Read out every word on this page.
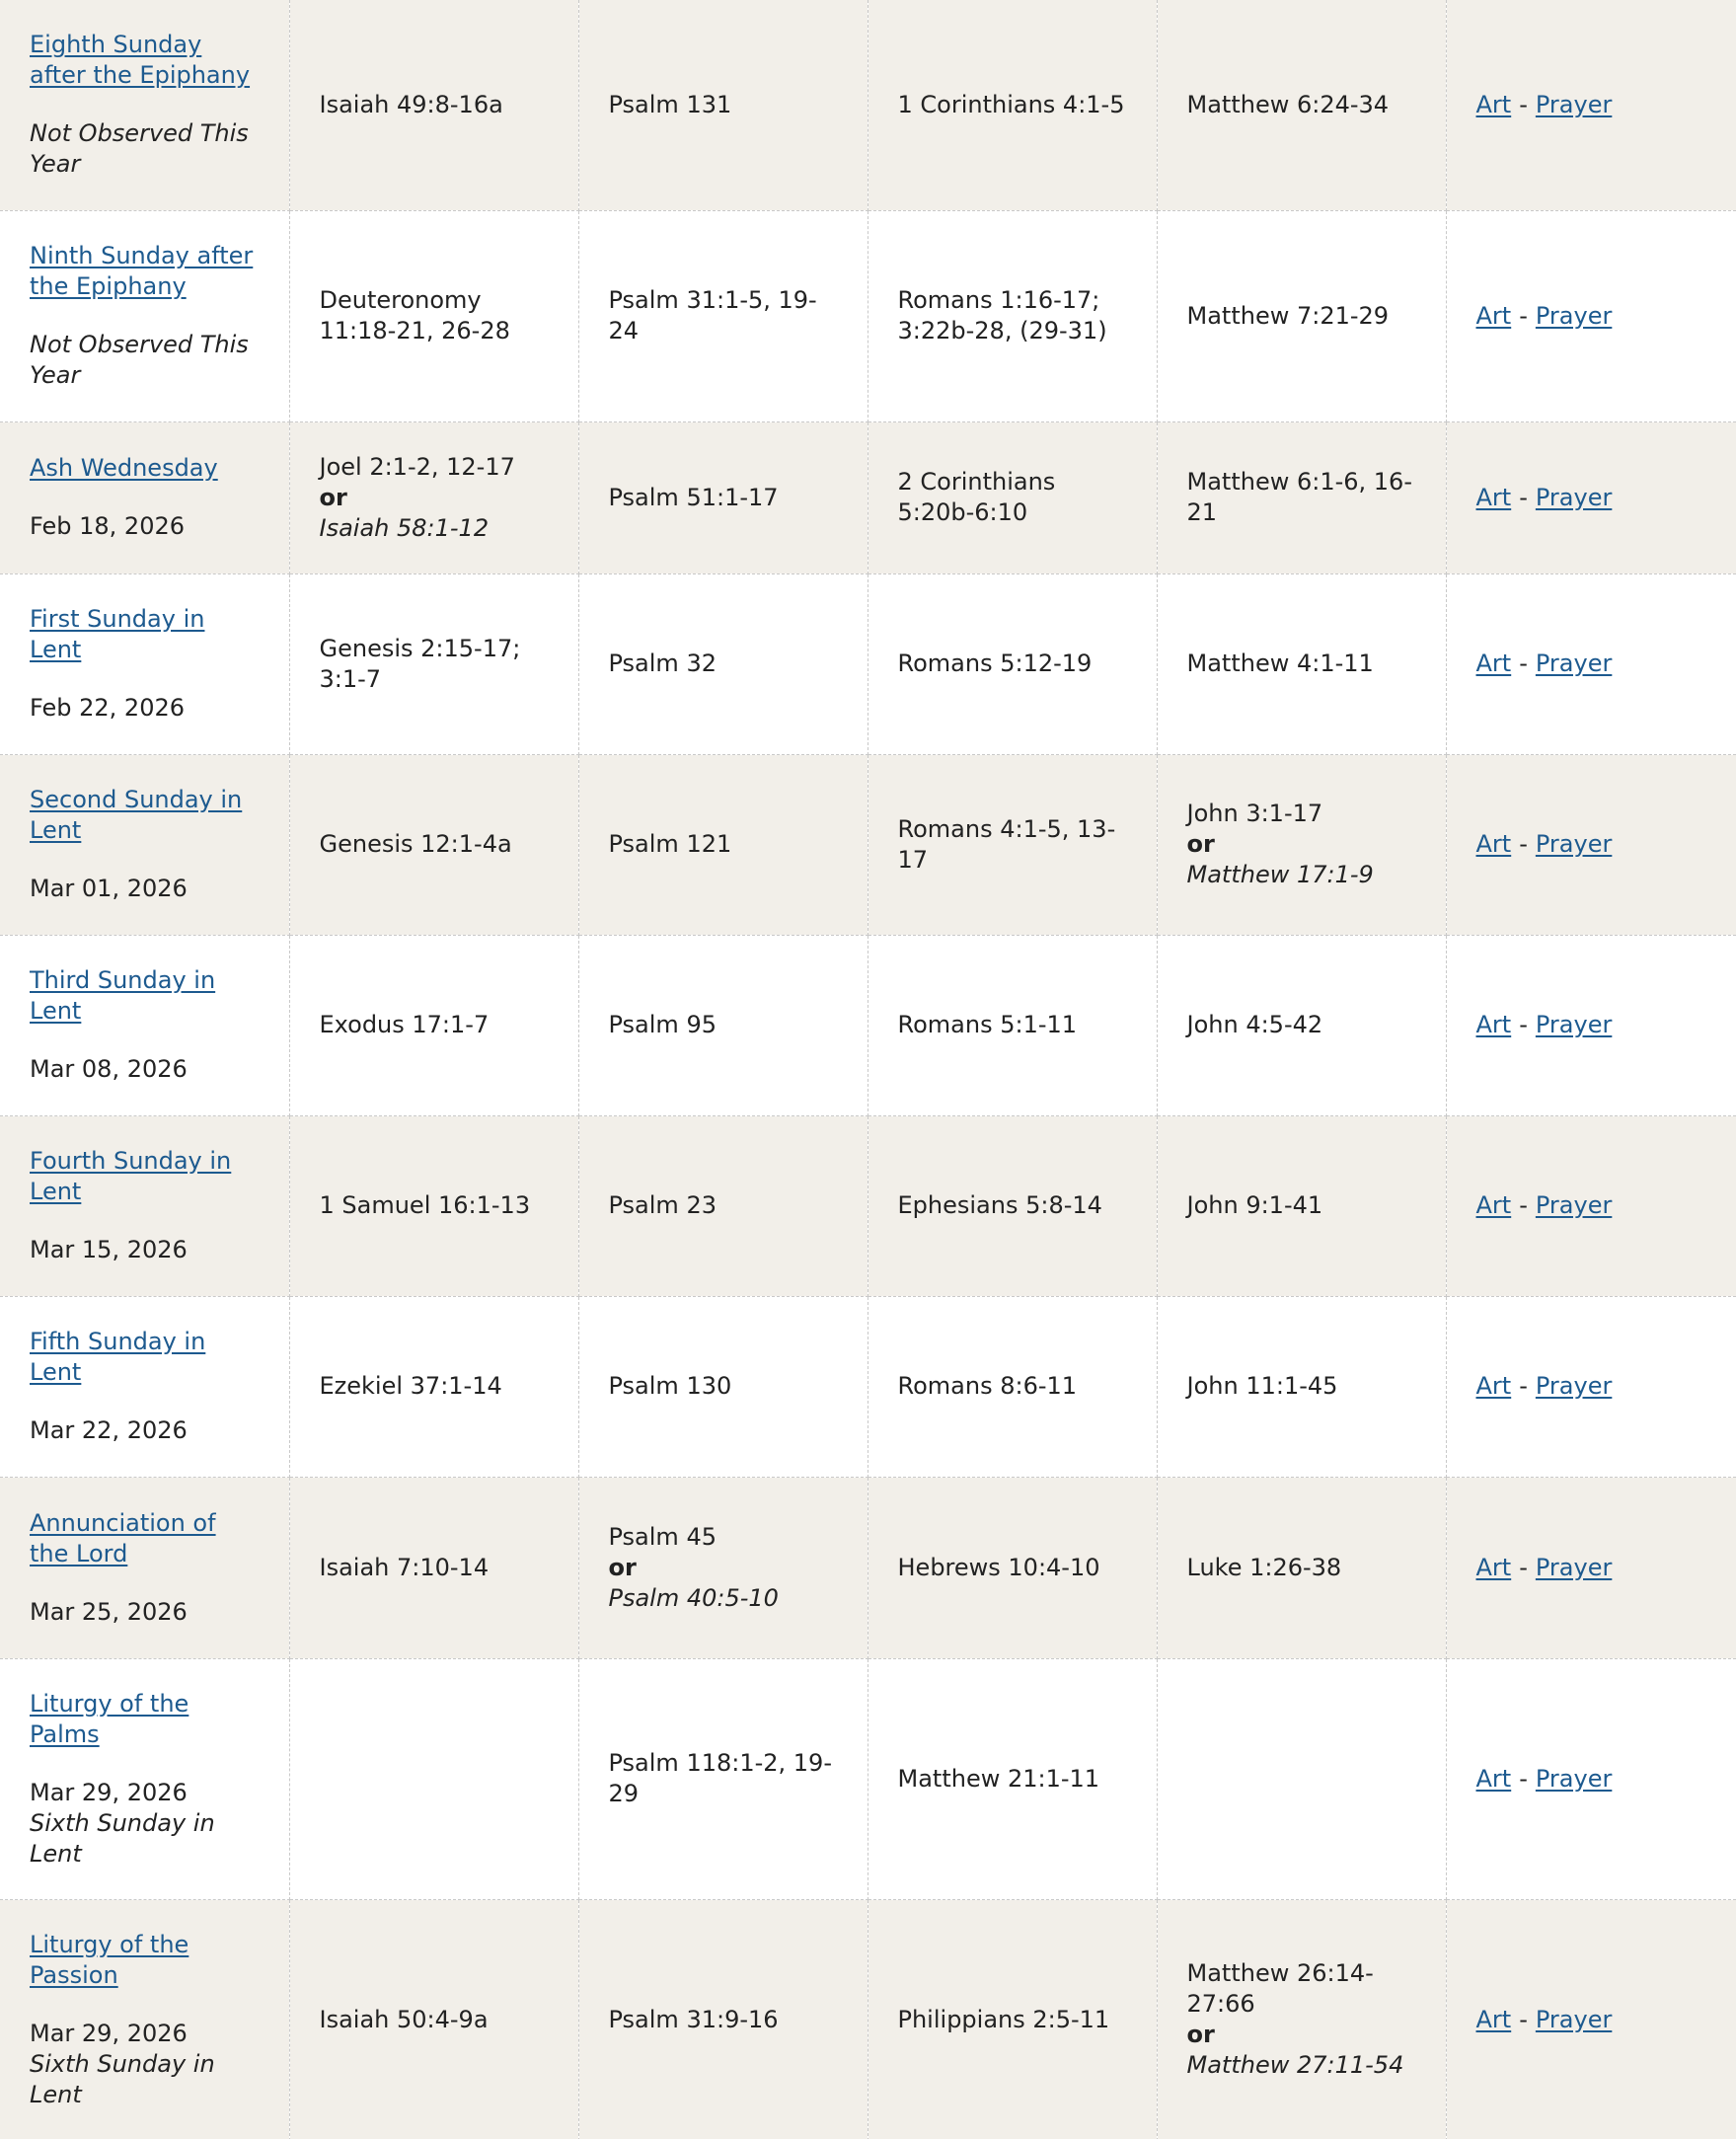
Eighth Sunday after the Epiphany
Not Observed This Year	Isaiah 49:8-16a	Psalm 131	1 Corinthians 4:1-5	Matthew 6:24-34	Art - Prayer

Ninth Sunday after the Epiphany
Not Observed This Year	Deuteronomy 11:18-21, 26-28	Psalm 31:1-5, 19-24	Romans 1:16-17; 3:22b-28, (29-31)	Matthew 7:21-29	Art - Prayer

Ash Wednesday
Feb 18, 2026	Joel 2:1-2, 12-17
or
Isaiah 58:1-12	Psalm 51:1-17	2 Corinthians 5:20b-6:10	Matthew 6:1-6, 16-21	Art - Prayer

First Sunday in Lent
Feb 22, 2026	Genesis 2:15-17; 3:1-7	Psalm 32	Romans 5:12-19	Matthew 4:1-11	Art - Prayer

Second Sunday in Lent
Mar 01, 2026	Genesis 12:1-4a	Psalm 121	Romans 4:1-5, 13-17	John 3:1-17
or
Matthew 17:1-9	Art - Prayer

Third Sunday in Lent
Mar 08, 2026	Exodus 17:1-7	Psalm 95	Romans 5:1-11	John 4:5-42	Art - Prayer

Fourth Sunday in Lent
Mar 15, 2026	1 Samuel 16:1-13	Psalm 23	Ephesians 5:8-14	John 9:1-41	Art - Prayer

Fifth Sunday in Lent
Mar 22, 2026	Ezekiel 37:1-14	Psalm 130	Romans 8:6-11	John 11:1-45	Art - Prayer

Annunciation of the Lord
Mar 25, 2026	Isaiah 7:10-14	Psalm 45
or
Psalm 40:5-10	Hebrews 10:4-10	Luke 1:26-38	Art - Prayer

Liturgy of the Palms
Mar 29, 2026
Sixth Sunday in Lent		Psalm 118:1-2, 19-29	Matthew 21:1-11		Art - Prayer

Liturgy of the Passion
Mar 29, 2026
Sixth Sunday in Lent	Isaiah 50:4-9a	Psalm 31:9-16	Philippians 2:5-11	Matthew 26:14-27:66
or
Matthew 27:11-54	Art - Prayer
